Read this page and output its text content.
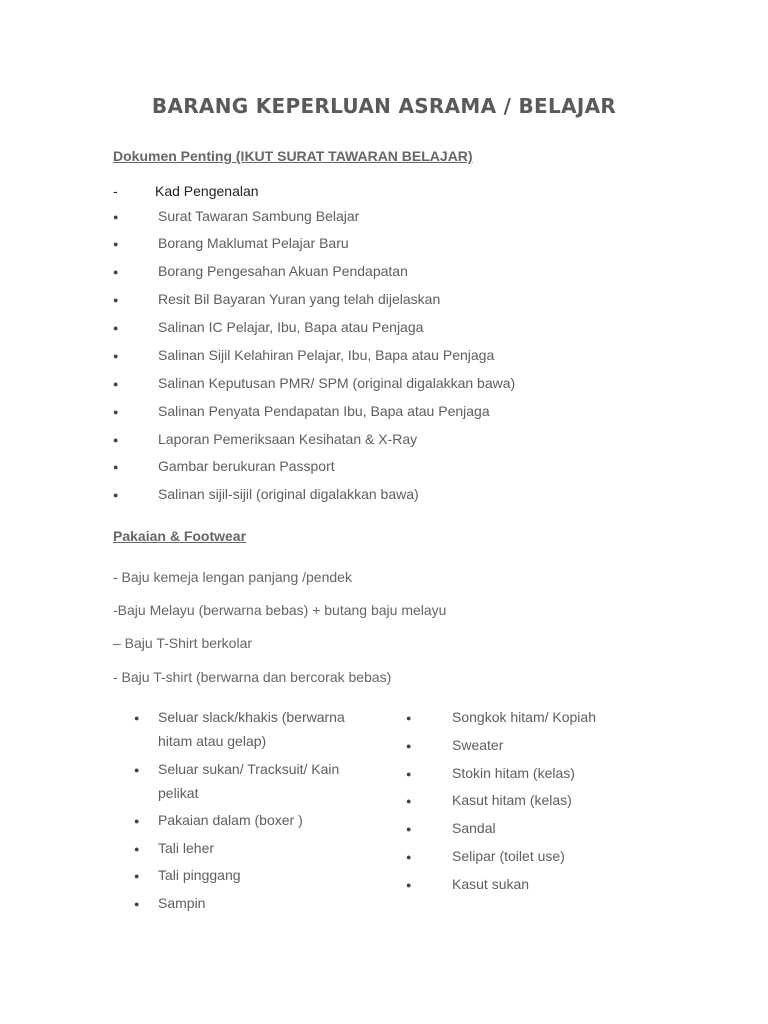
BARANG KEPERLUAN ASRAMA / BELAJAR
Dokumen Penting (IKUT SURAT TAWARAN BELAJAR)
-	Kad Pengenalan
●	Surat Tawaran Sambung Belajar
●	Borang Maklumat Pelajar Baru
●	Borang Pengesahan Akuan Pendapatan
●	Resit Bil Bayaran Yuran yang telah dijelaskan
●	Salinan IC Pelajar, Ibu, Bapa atau Penjaga
●	Salinan Sijil Kelahiran Pelajar, Ibu, Bapa atau Penjaga
●	Salinan Keputusan PMR/ SPM (original digalakkan bawa)
●	Salinan Penyata Pendapatan Ibu, Bapa atau Penjaga
●	Laporan Pemeriksaan Kesihatan & X-Ray
●	Gambar berukuran Passport
●	Salinan sijil-sijil (original digalakkan bawa)
Pakaian & Footwear
- Baju kemeja lengan panjang /pendek
-Baju Melayu (berwarna bebas) + butang baju melayu
– Baju T-Shirt berkolar
- Baju T-shirt (berwarna dan bercorak bebas)
● Seluar slack/khakis (berwarna hitam atau gelap)
● Seluar sukan/ Tracksuit/ Kain pelikat
● Pakaian dalam (boxer )
● Tali leher
● Tali pinggang
● Sampin
●	Songkok hitam/ Kopiah
●	Sweater
●	Stokin hitam (kelas)
●	Kasut hitam (kelas)
●	Sandal
●	Selipar (toilet use)
●	Kasut sukan
